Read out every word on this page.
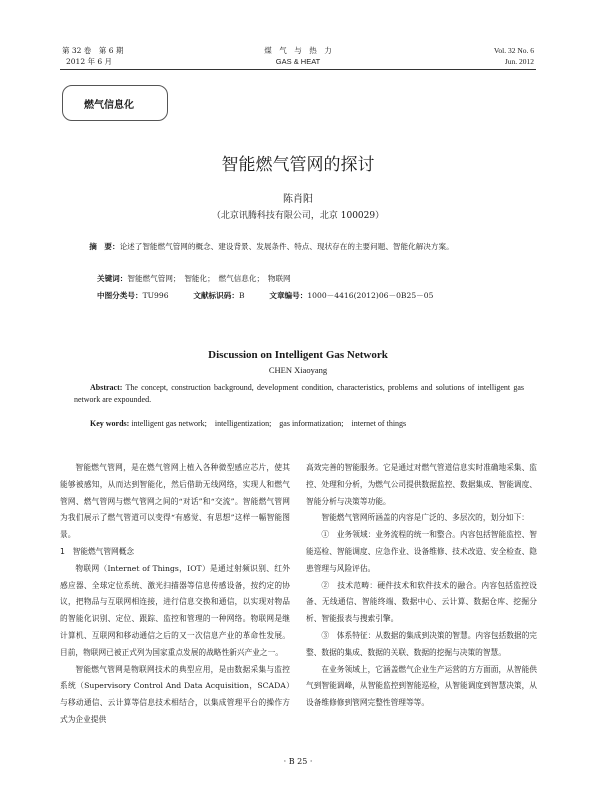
第 32 卷　第 6 期
2012 年 6 月
煤　气　与　热　力
GAS & HEAT
Vol. 32 No. 6
Jun. 2012
燃气信息化
智能燃气管网的探讨
陈肖阳
（北京讯腾科技有限公司，北京 100029）
摘　要：论述了智能燃气管网的概念、建设背景、发展条件、特点、现状存在的主要问题、智能化解决方案。
关键词：智能燃气管网；　智能化；　燃气信息化；　物联网
中图分类号：TU996	文献标识码：B	文章编号：1000－4416(2012)06－0B25－05
Discussion on Intelligent Gas Network
CHEN Xiaoyang
Abstract: The concept, construction background, development condition, characteristics, problems and solutions of intelligent gas network are expounded.
Key words: intelligent gas network;　intelligentization;　gas informatization;　internet of things

智能燃气管网，是在燃气管网上植入各种微型感应芯片，使其能够被感知，从而达到智能化，然后借助无线网络，实现人和燃气管网、燃气管网与燃气管网之间的“对话”和“交流”。智能燃气管网为我们展示了燃气管道可以变得“有感觉、有思想”这样一幅智能图景。

1　智能燃气管网概念

物联网（Internet of Things，IOT）是通过射频识别、红外感应器、全球定位系统、激光扫描器等信息传感设备，按约定的协议，把物品与互联网相连接，进行信息交换和通信，以实现对物品的智能化识别、定位、跟踪、监控和管理的一种网络。物联网是继计算机、互联网和移动通信之后的又一次信息产业的革命性发展。目前，物联网已被正式列为国家重点发展的战略性新兴产业之一。

智能燃气管网是物联网技术的典型应用，是由数据采集与监控系统（Supervisory Control And Data Acquisition，SCADA）与移动通信、云计算等信息技术相结合，以集成管理平台的操作方式为企业提供

高效完善的智能服务。它是通过对燃气管道信息实时准确地采集、监控、处理和分析，为燃气公司提供数据监控、数据集成、智能调度、智能分析与决策等功能。

智能燃气管网所涵盖的内容是广泛的、多层次的，划分如下：

①　业务领域：业务流程的统一和整合。内容包括智能监控、智能巡检、智能调度、应急作业、设备维修、技术改造、安全检查、隐患管理与风险评估。

②　技术范畴：硬件技术和软件技术的融合。内容包括监控设备、无线通信、智能终端、数据中心、云计算、数据仓库、挖掘分析、智能报表与搜索引擎。

③　体系特征：从数据的集成到决策的智慧。内容包括数据的完整、数据的集成、数据的关联、数据的挖掘与决策的智慧。

在业务领域上，它涵盖燃气企业生产运营的方方面面，从智能供气到智能调峰，从智能监控到智能巡检，从智能调度到智慧决策，从设备维修修到管网完整性管理等等。

· B 25 ·
